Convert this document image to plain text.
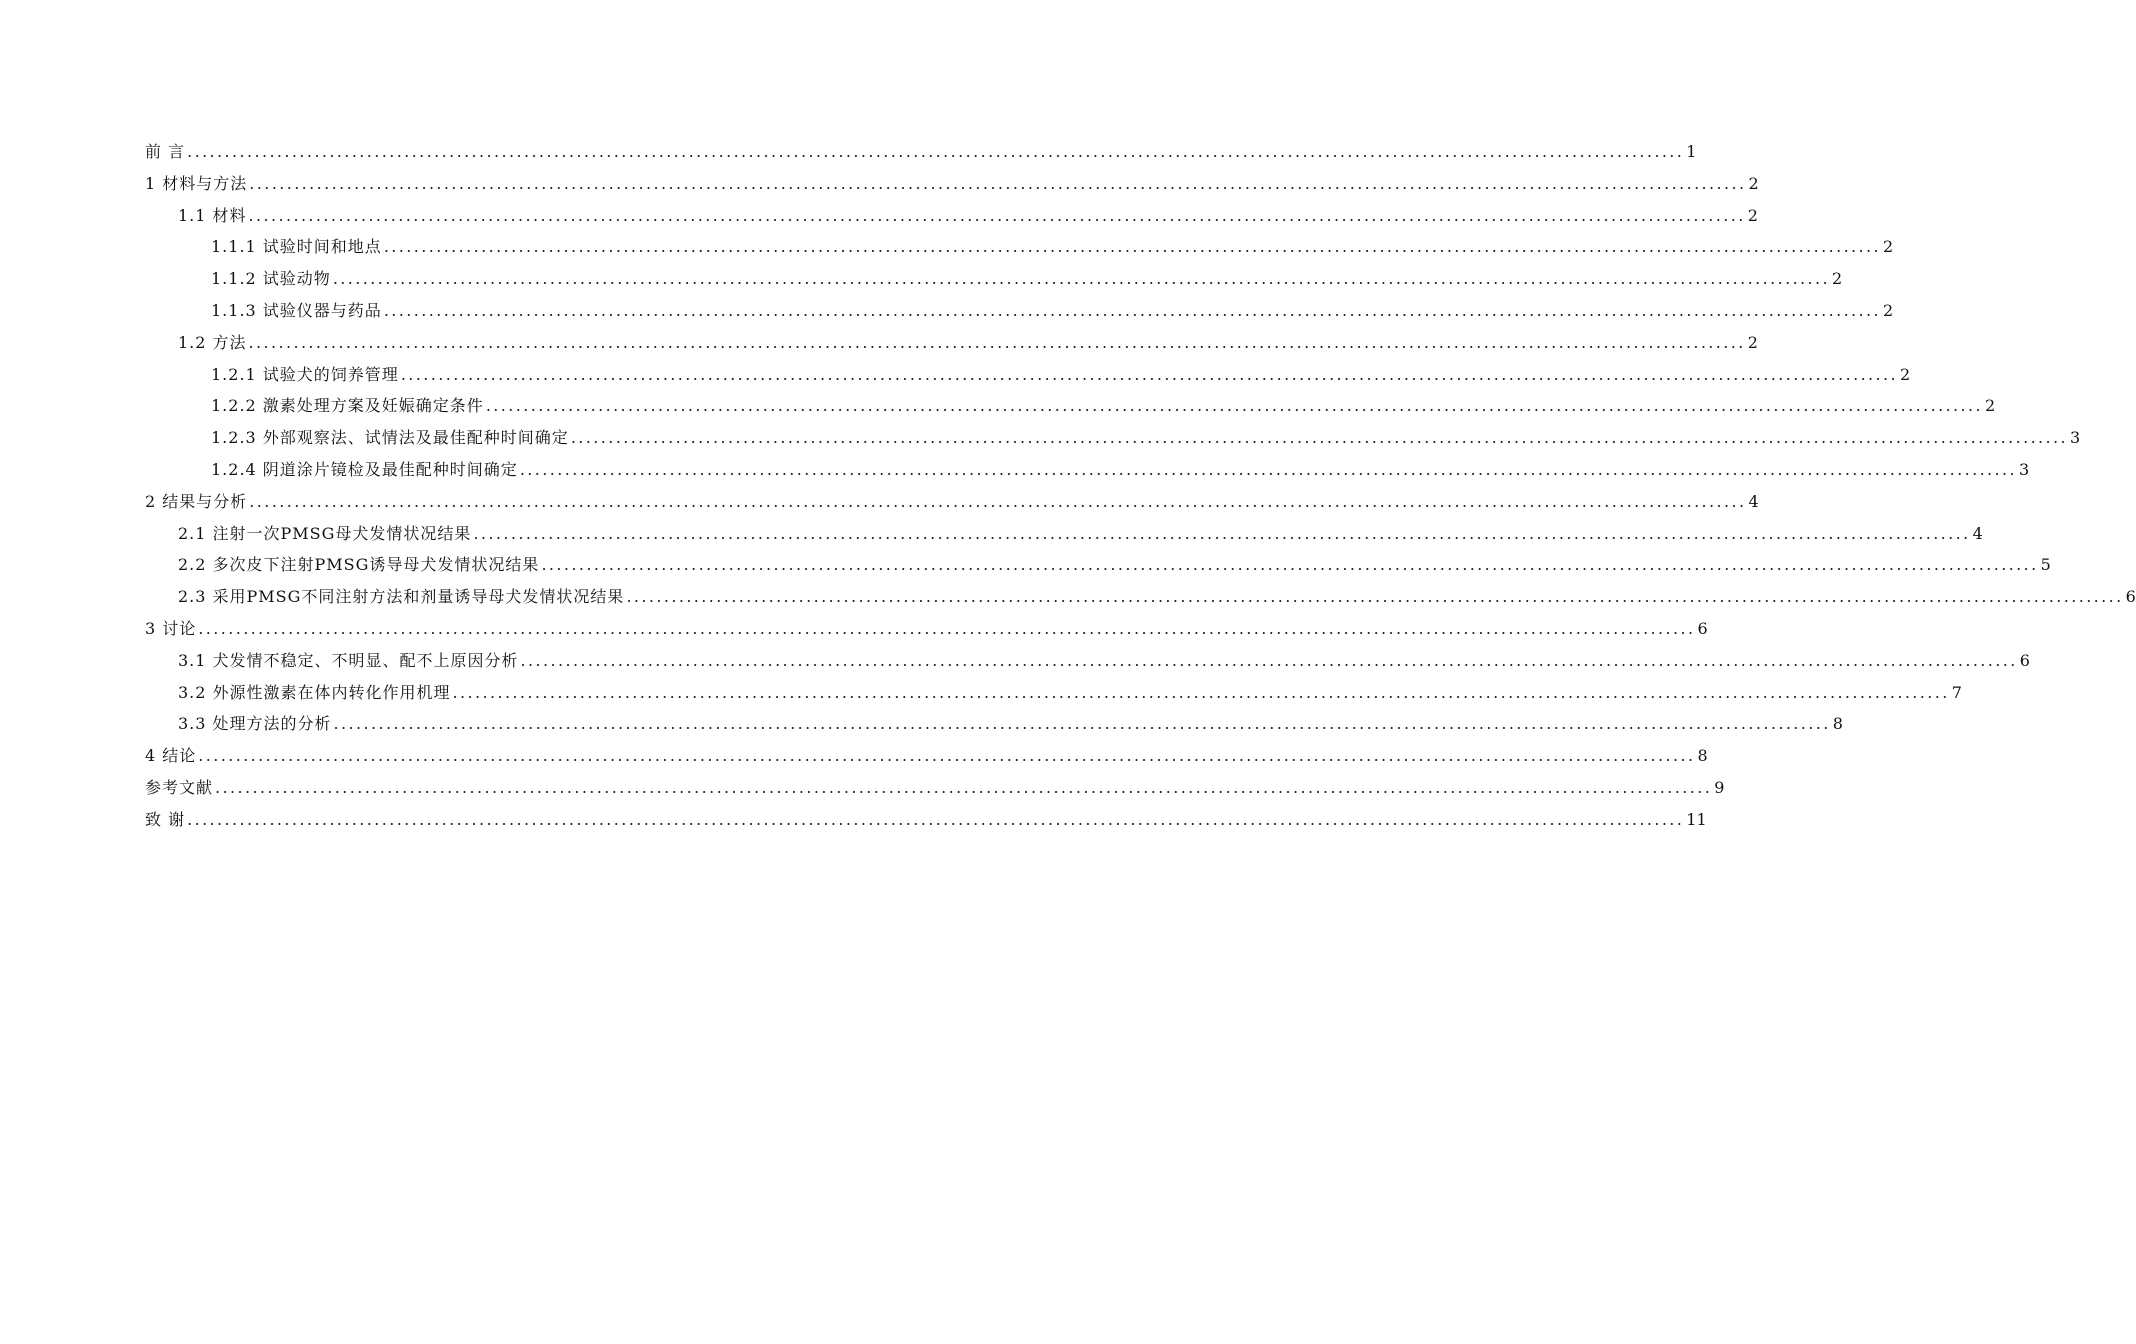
前 言 ........................................................................................................................................................................................................ 1
1 材料与方法 ........................................................................................................................................................................................................ 2
1.1 材料 ........................................................................................................................................................................................................ 2
1.1.1 试验时间和地点 ........................................................................................................................................................................................................ 2
1.1.2 试验动物 ........................................................................................................................................................................................................ 2
1.1.3 试验仪器与药品 ........................................................................................................................................................................................................ 2
1.2 方法 ........................................................................................................................................................................................................ 2
1.2.1 试验犬的饲养管理 ........................................................................................................................................................................................................ 2
1.2.2 激素处理方案及妊娠确定条件 ........................................................................................................................................................................................................ 2
1.2.3 外部观察法、试情法及最佳配种时间确定 ........................................................................................................................................................................................................ 3
1.2.4 阴道涂片镜检及最佳配种时间确定 ........................................................................................................................................................................................................ 3
2 结果与分析 ........................................................................................................................................................................................................ 4
2.1 注射一次PMSG母犬发情状况结果 ........................................................................................................................................................................................................ 4
2.2 多次皮下注射PMSG诱导母犬发情状况结果 ........................................................................................................................................................................................................ 5
2.3 采用PMSG不同注射方法和剂量诱导母犬发情状况结果 ........................................................................................................................................................................................................ 6
3 讨论 ........................................................................................................................................................................................................ 6
3.1 犬发情不稳定、不明显、配不上原因分析 ........................................................................................................................................................................................................ 6
3.2 外源性激素在体内转化作用机理 ........................................................................................................................................................................................................ 7
3.3 处理方法的分析 ........................................................................................................................................................................................................ 8
4 结论 ........................................................................................................................................................................................................ 8
参考文献 ........................................................................................................................................................................................................ 9
致 谢 ........................................................................................................................................................................................................ 11
